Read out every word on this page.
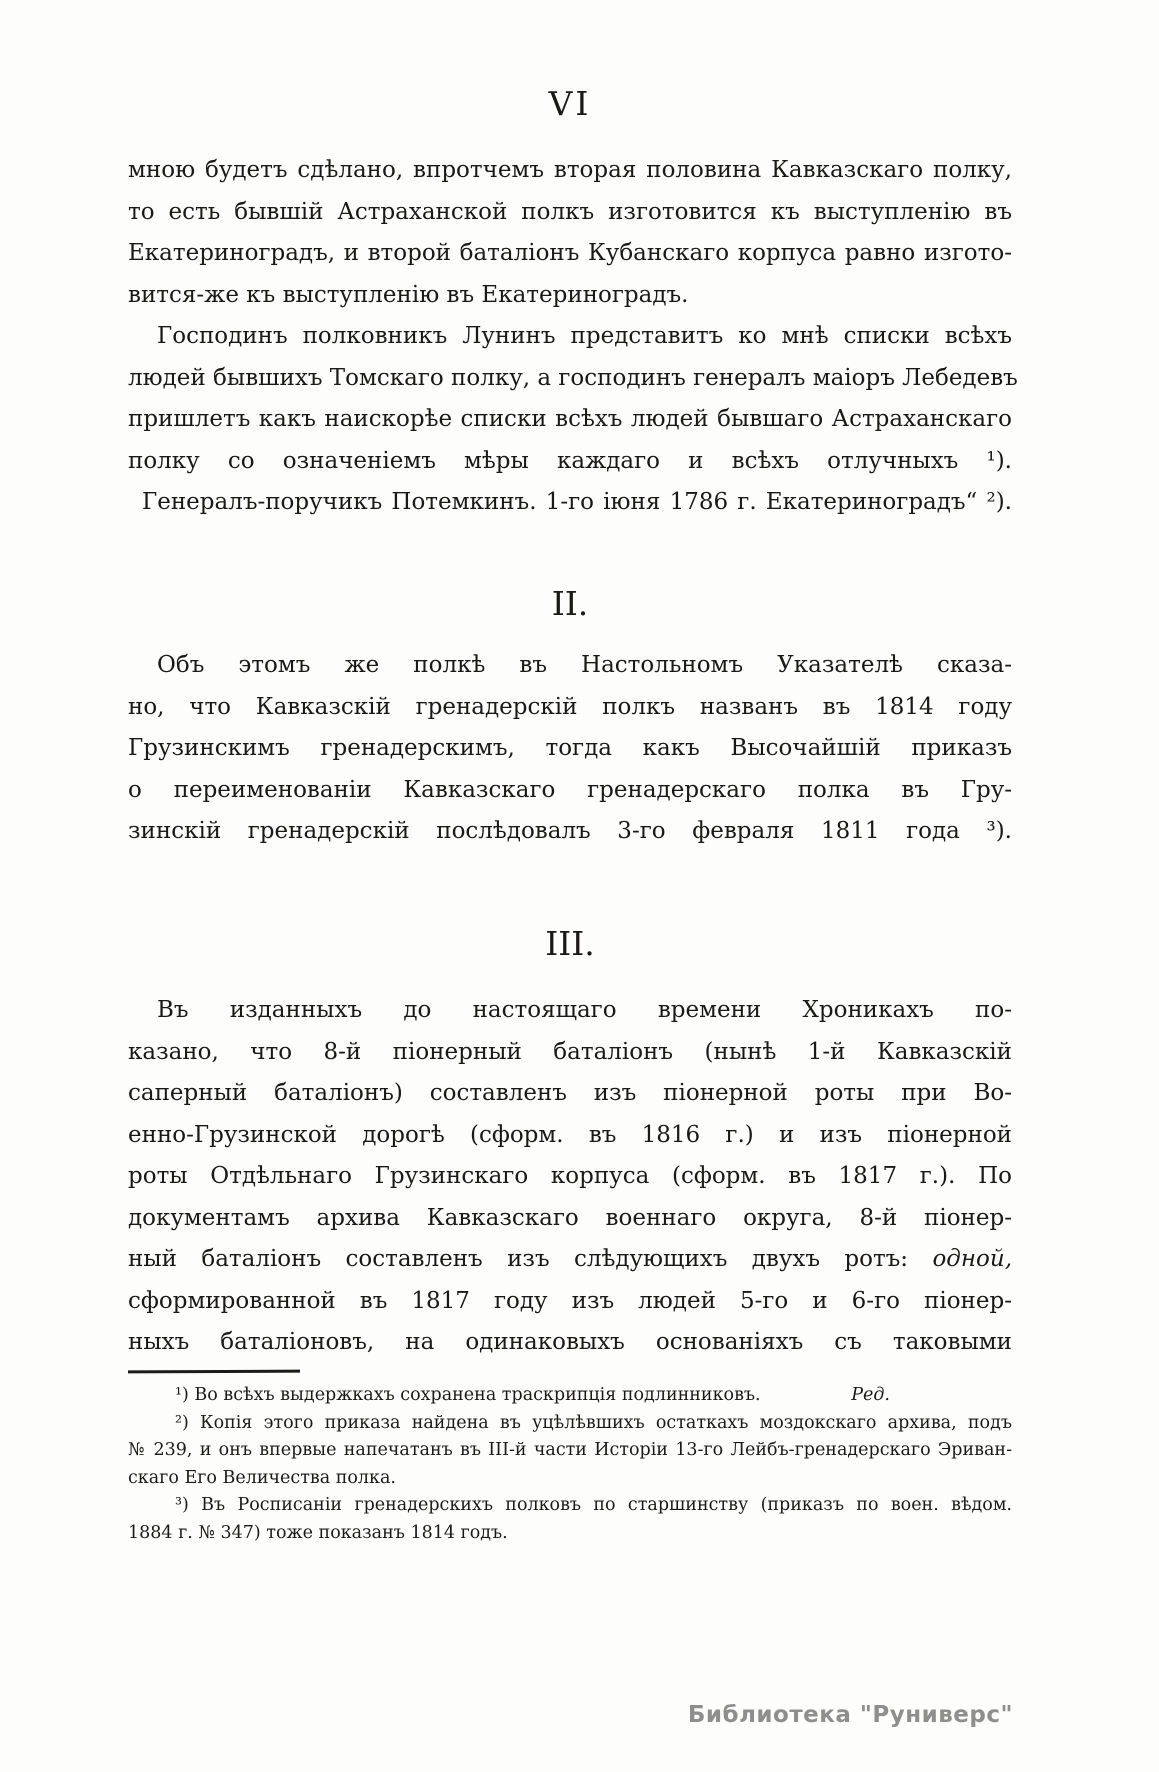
VI
мною будетъ сдѣлано, впротчемъ вторая половина Кавказскаго полку,
то есть бывшій Астраханской полкъ изготовится къ выступленію въ
Екатериноградъ, и второй баталіонъ Кубанскаго корпуса равно изгото-
вится-же къ выступленію въ Екатериноградъ.
Господинъ полковникъ Лунинъ представитъ ко мнѣ списки всѣхъ
людей бывшихъ Томскаго полку, а господинъ генералъ маіоръ Лебедевъ
пришлетъ какъ наискорѣе списки всѣхъ людей бывшаго Астраханскаго
полку со означеніемъ мѣры каждаго и всѣхъ отлучныхъ ¹).
Генералъ-поручикъ Потемкинъ. 1-го іюня 1786 г. Екатериноградъ“ ²).
II.
Объ этомъ же полкѣ въ Настольномъ Указателѣ сказа-
но, что Кавказскій гренадерскій полкъ названъ въ 1814 году
Грузинскимъ гренадерскимъ, тогда какъ Высочайшій приказъ
о переименованіи Кавказскаго гренадерскаго полка въ Гру-
зинскій гренадерскій послѣдовалъ 3-го февраля 1811 года ³).
III.
Въ изданныхъ до настоящаго времени Хроникахъ по-
казано, что 8-й піонерный баталіонъ (нынѣ 1-й Кавказскій
саперный баталіонъ) составленъ изъ піонерной роты при Во-
енно-Грузинской дорогѣ (сформ. въ 1816 г.) и изъ піонерной
роты Отдѣльнаго Грузинскаго корпуса (сформ. въ 1817 г.). По
документамъ архива Кавказскаго военнаго округа, 8-й піонер-
ный баталіонъ составленъ изъ слѣдующихъ двухъ ротъ: одной,
сформированной въ 1817 году изъ людей 5-го и 6-го піонер-
ныхъ баталіоновъ, на одинаковыхъ основаніяхъ съ таковыми
¹) Во всѣхъ выдержкахъ сохранена траскрипція подлинниковъ.	Ред.
²) Копія этого приказа найдена въ уцѣлѣвшихъ остаткахъ моздокскаго архива, подъ
№ 239, и онъ впервые напечатанъ въ III-й части Исторіи 13-го Лейбъ-гренадерскаго Эриван-
скаго Его Величества полка.
³) Въ Росписаніи гренадерскихъ полковъ по старшинству (приказъ по воен. вѣдом.
1884 г. № 347) тоже показанъ 1814 годъ.
Библиотека "Руниверс"
